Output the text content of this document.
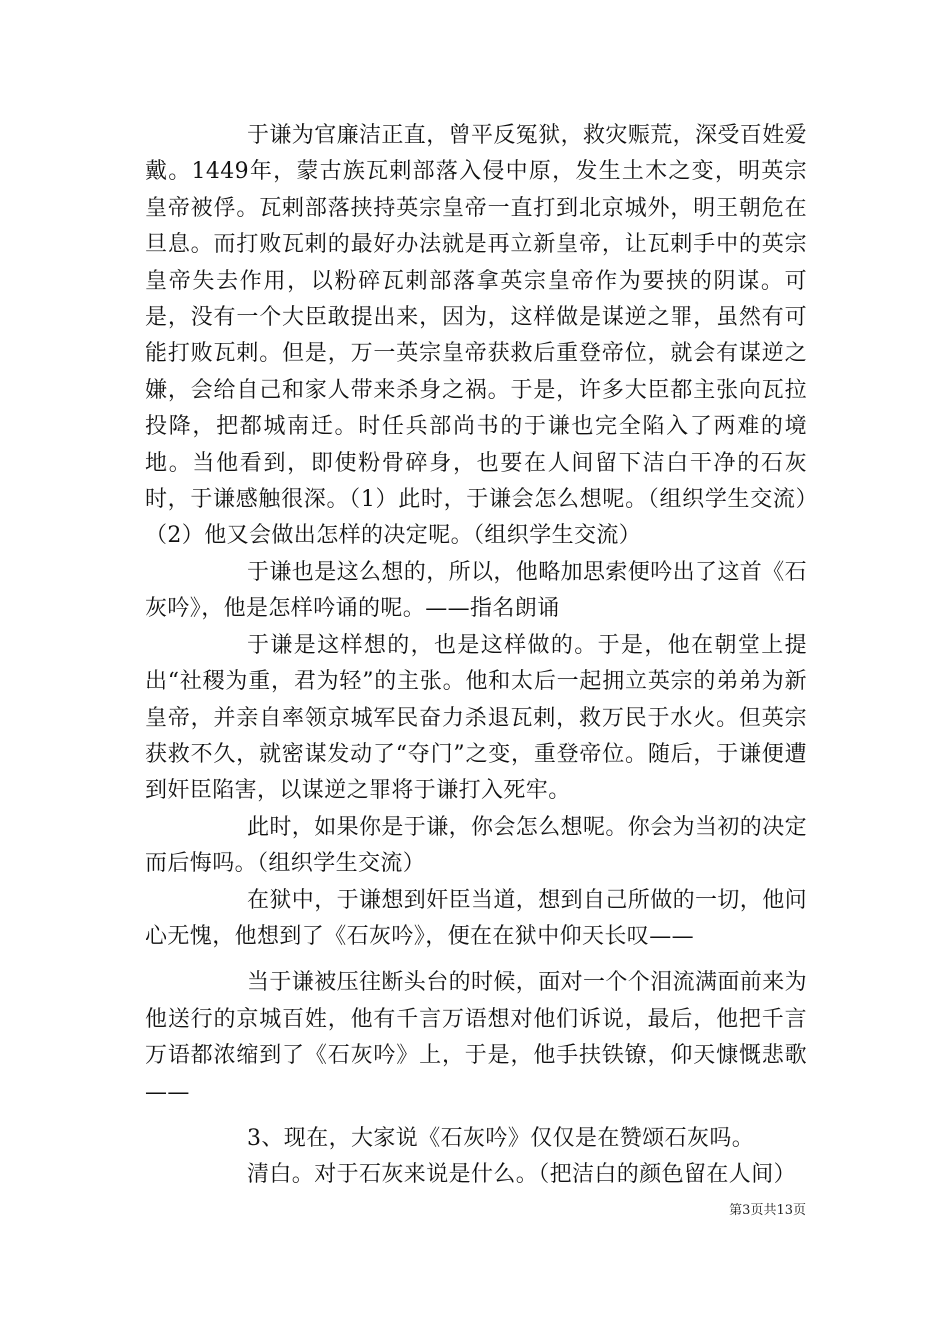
于谦为官廉洁正直，曾平反冤狱，救灾赈荒，深受百姓爱戴。1449年，蒙古族瓦剌部落入侵中原，发生土木之变，明英宗皇帝被俘。瓦剌部落挟持英宗皇帝一直打到北京城外，明王朝危在旦息。而打败瓦剌的最好办法就是再立新皇帝，让瓦剌手中的英宗皇帝失去作用，以粉碎瓦剌部落拿英宗皇帝作为要挟的阴谋。可是，没有一个大臣敢提出来，因为，这样做是谋逆之罪，虽然有可能打败瓦剌。但是，万一英宗皇帝获救后重登帝位，就会有谋逆之嫌，会给自己和家人带来杀身之祸。于是，许多大臣都主张向瓦拉投降，把都城南迁。时任兵部尚书的于谦也完全陷入了两难的境地。当他看到，即使粉骨碎身，也要在人间留下洁白干净的石灰时，于谦感触很深。（1）此时，于谦会怎么想呢。（组织学生交流）（2）他又会做出怎样的决定呢。（组织学生交流）

于谦也是这么想的，所以，他略加思索便吟出了这首《石灰吟》，他是怎样吟诵的呢。——指名朗诵

于谦是这样想的，也是这样做的。于是，他在朝堂上提出“社稷为重，君为轻”的主张。他和太后一起拥立英宗的弟弟为新皇帝，并亲自率领京城军民奋力杀退瓦剌，救万民于水火。但英宗获救不久，就密谋发动了“夺门”之变，重登帝位。随后，于谦便遭到奸臣陷害，以谋逆之罪将于谦打入死牢。

此时，如果你是于谦，你会怎么想呢。你会为当初的决定而后悔吗。（组织学生交流）

在狱中，于谦想到奸臣当道，想到自己所做的一切，他问心无愧，他想到了《石灰吟》，便在在狱中仰天长叹——

当于谦被压往断头台的时候，面对一个个泪流满面前来为他送行的京城百姓，他有千言万语想对他们诉说，最后，他把千言万语都浓缩到了《石灰吟》上，于是，他手扶铁镣，仰天慷慨悲歌——

3、现在，大家说《石灰吟》仅仅是在赞颂石灰吗。

清白。对于石灰来说是什么。（把洁白的颜色留在人间）

第3页共13页
